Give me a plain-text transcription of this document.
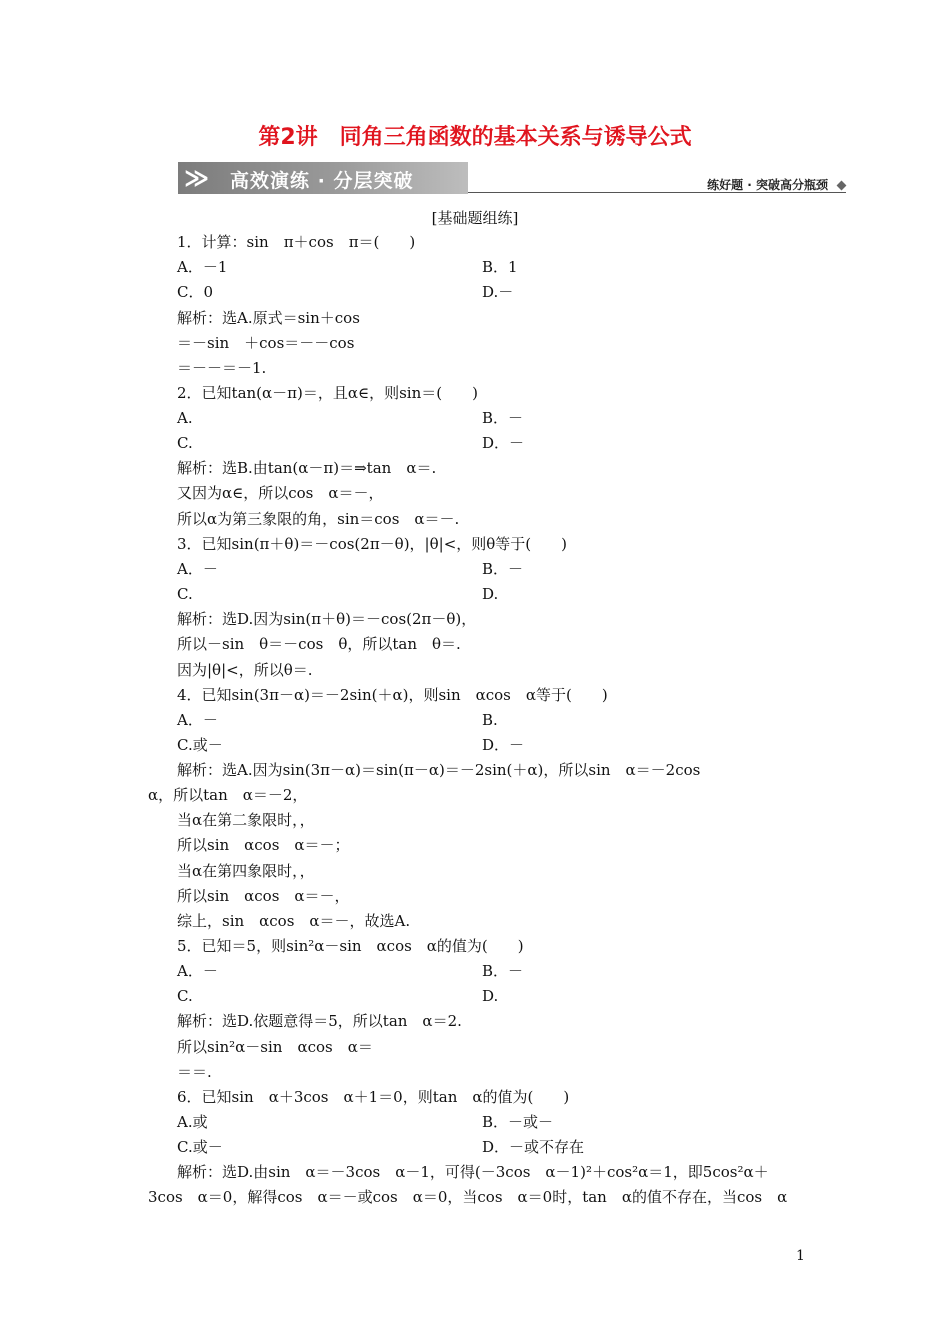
第2讲　同角三角函数的基本关系与诱导公式
≫ 高效演练 · 分层突破	练好题 · 突破高分瓶颈
[基础题组练]
1．计算：sin　π＋cos　π＝(　　)
A．－1	B．1
C．0	D.－
解析：选A.原式＝sin＋cos
＝－sin　＋cos＝－－cos
＝－－＝－1.
2．已知tan(α－π)＝，且α∈，则sin＝(　　)
A.	B．－
C.	D．－
解析：选B.由tan(α－π)＝⇒tan　α＝.
又因为α∈，所以cos　α＝－，
所以α为第三象限的角，sin＝cos　α＝－.
3．已知sin(π＋θ)＝－cos(2π－θ)，|θ|<，则θ等于(　　)
A．－	B．－
C.	D.
解析：选D.因为sin(π＋θ)＝－cos(2π－θ)，
所以－sin　θ＝－cos　θ，所以tan　θ＝.
因为|θ|<，所以θ＝.
4．已知sin(3π－α)＝－2sin(＋α)，则sin　αcos　α等于(　　)
A．－	B.
C.或－	D．－
解析：选A.因为sin(3π－α)＝sin(π－α)＝－2sin(＋α)，所以sin　α＝－2cos
α，所以tan　α＝－2，
当α在第二象限时，，
所以sin　αcos　α＝－；
当α在第四象限时，，
所以sin　αcos　α＝－，
综上，sin　αcos　α＝－，故选A.
5．已知＝5，则sin²α－sin　αcos　α的值为(　　)
A．－	B．－
C.	D.
解析：选D.依题意得＝5，所以tan　α＝2.
所以sin²α－sin　αcos　α＝
＝＝.
6．已知sin　α＋3cos　α＋1＝0，则tan　α的值为(　　)
A.或	B．－或－
C.或－	D．－或不存在
解析：选D.由sin　α＝－3cos　α－1，可得(－3cos　α－1)²＋cos²α＝1，即5cos²α＋
3cos　α＝0，解得cos　α＝－或cos　α＝0，当cos　α＝0时，tan　α的值不存在，当cos　α
1
